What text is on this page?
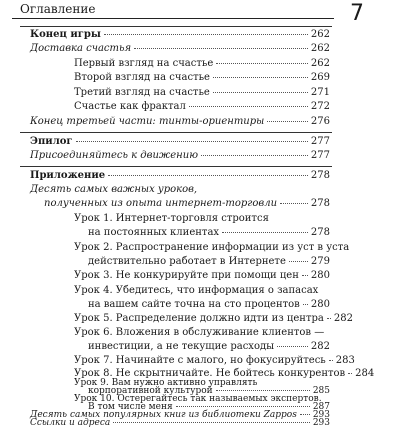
Оглавление	7
Конец игры	262
Доставка счастья	262
Первый взгляд на счастье	262
Второй взгляд на счастье	269
Третий взгляд на счастье	271
Счастье как фрактал	272
Конец третьей части: тинты-ориентиры	276
Эпилог	277
Присоединяйтесь к движению	277
Приложение	278
Десять самых важных уроков,
полученных из опыта интернет-торговли	278
Урок 1. Интернет-торговля строится
на постоянных клиентах	278
Урок 2. Распространение информации из уст в уста
действительно работает в Интернете	279
Урок 3. Не конкурируйте при помощи цен 280
Урок 4. Убедитесь, что информация о запасах
на вашем сайте точна на сто процентов 280
Урок 5. Распределение должно идти из центра 282
Урок 6. Вложения в обслуживание клиентов —
инвестиции, а не текущие расходы	282
Урок 7. Начинайте с малого, но фокусируйтесь 283
Урок 8. Не скрытничайте. Не бойтесь конкурентов 284
Урок 9. Вам нужно активно управлять
корпоративной культурой	285
Урок 10. Остерегайтесь так называемых экспертов.
В том числе меня	287
Десять самых популярных книг из библиотеки Zappos 293
Ссылки и адреса	293
